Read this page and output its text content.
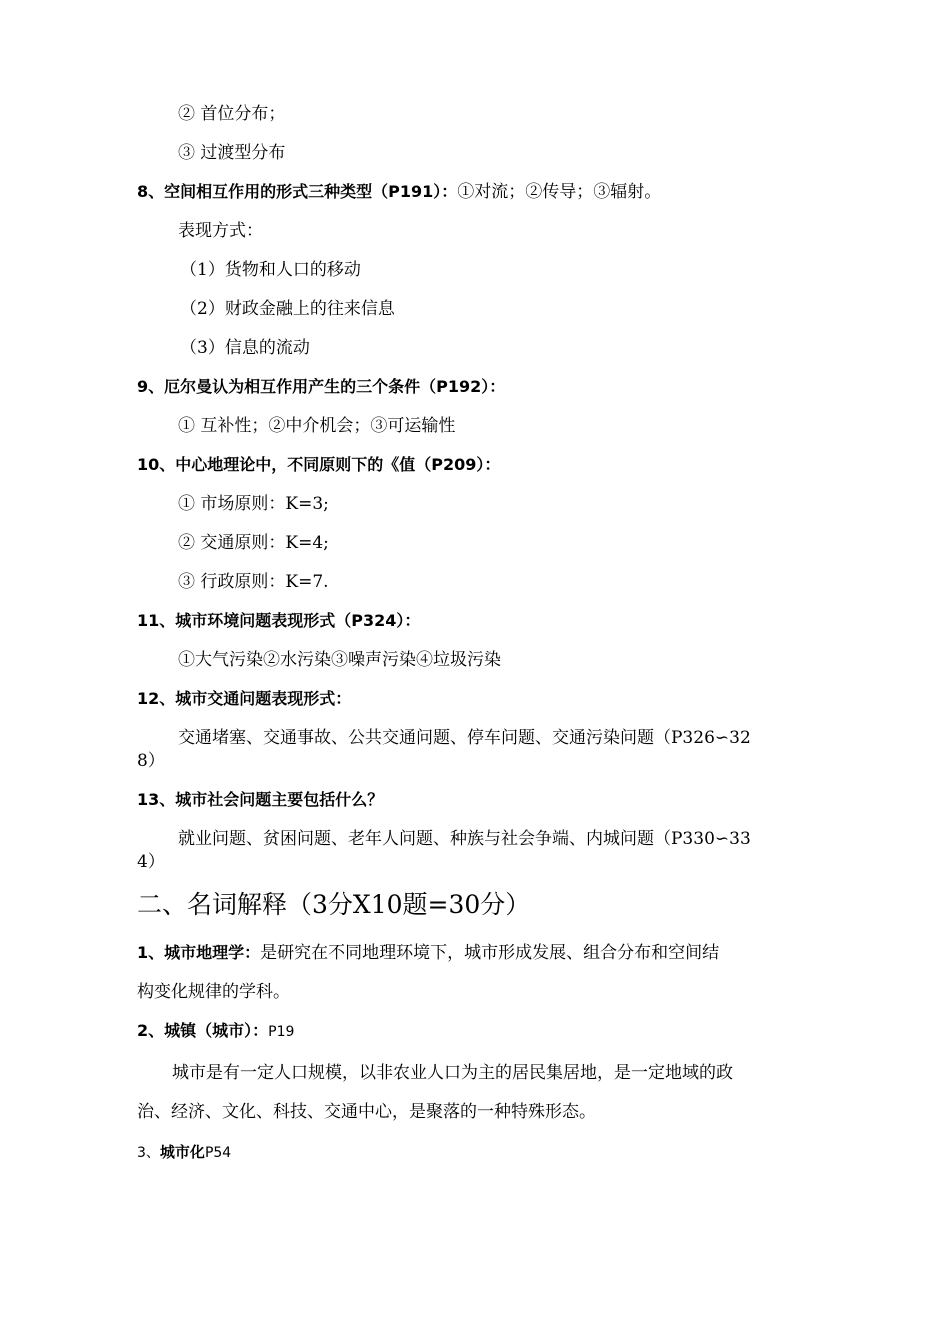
② 首位分布；
③ 过渡型分布
8、空间相互作用的形式三种类型（P191）：①对流；②传导；③辐射。
表现方式：
（1）货物和人口的移动
（2）财政金融上的往来信息
（3）信息的流动
9、厄尔曼认为相互作用产生的三个条件（P192）：
① 互补性；②中介机会；③可运输性
10、中心地理论中，不同原则下的《值（P209）：
① 市场原则：K=3;
② 交通原则：K=4;
③ 行政原则：K=7.
11、城市环境问题表现形式（P324）：
①大气污染②水污染③噪声污染④垃圾污染
12、城市交通问题表现形式：
交通堵塞、交通事故、公共交通问题、停车问题、交通污染问题（P326∽32
8）
13、城市社会问题主要包括什么？
就业问题、贫困问题、老年人问题、种族与社会争端、内城问题（P330∽33
4）
二、名词解释（3分X10题=30分）
1、城市地理学：是研究在不同地理环境下，城市形成发展、组合分布和空间结
构变化规律的学科。
2、城镇（城市）：P19
城市是有一定人口规模，以非农业人口为主的居民集居地，是一定地域的政
治、经济、文化、科技、交通中心，是聚落的一种特殊形态。
3、城市化P54
